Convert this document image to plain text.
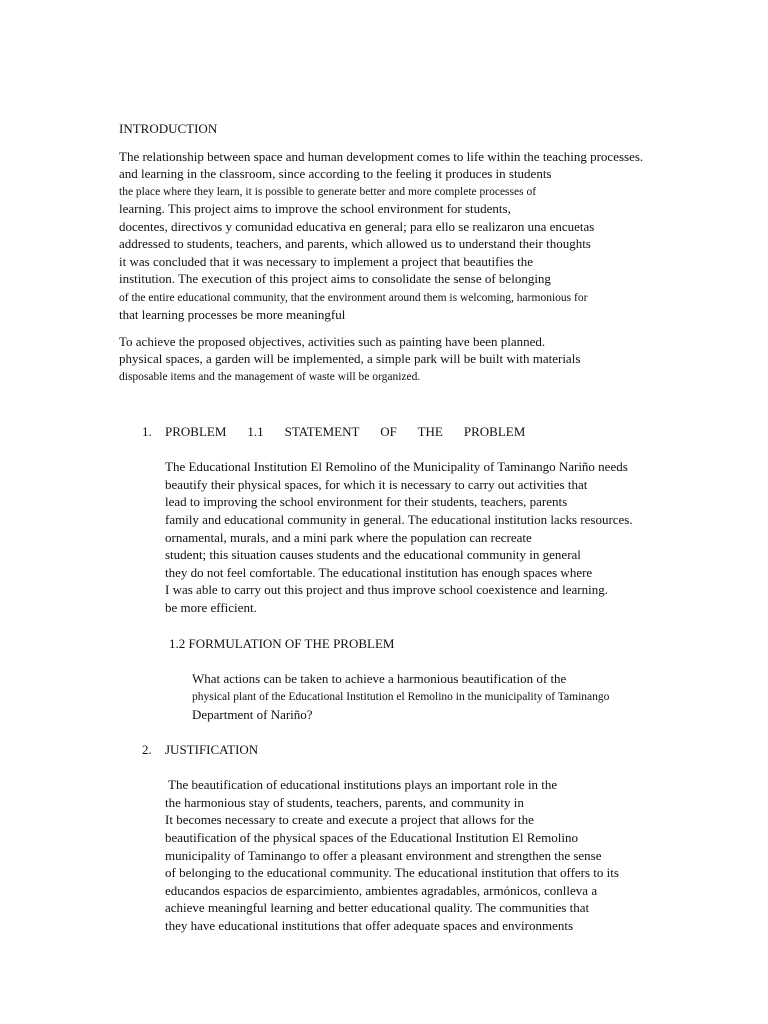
INTRODUCTION
The relationship between space and human development comes to life within the teaching processes.
and learning in the classroom, since according to the feeling it produces in students
the place where they learn, it is possible to generate better and more complete processes of
learning. This project aims to improve the school environment for students,
docentes, directivos y comunidad educativa en general; para ello se realizaron una encuetas
addressed to students, teachers, and parents, which allowed us to understand their thoughts
it was concluded that it was necessary to implement a project that beautifies the
institution. The execution of this project aims to consolidate the sense of belonging
of the entire educational community, that the environment around them is welcoming, harmonious for
that learning processes be more meaningful
To achieve the proposed objectives, activities such as painting have been planned.
physical spaces, a garden will be implemented, a simple park will be built with materials
disposable items and the management of waste will be organized.
1. PROBLEM    1.1    STATEMENT    OF    THE    PROBLEM
The Educational Institution El Remolino of the Municipality of Taminango Nariño needs
beautify their physical spaces, for which it is necessary to carry out activities that
lead to improving the school environment for their students, teachers, parents
family and educational community in general. The educational institution lacks resources.
ornamental, murals, and a mini park where the population can recreate
student; this situation causes students and the educational community in general
they do not feel comfortable. The educational institution has enough spaces where
I was able to carry out this project and thus improve school coexistence and learning.
be more efficient.
1.2 FORMULATION OF THE PROBLEM
What actions can be taken to achieve a harmonious beautification of the
physical plant of the Educational Institution el Remolino in the municipality of Taminango
Department of Nariño?
2. JUSTIFICATION
The beautification of educational institutions plays an important role in the
the harmonious stay of students, teachers, parents, and community in
It becomes necessary to create and execute a project that allows for the
beautification of the physical spaces of the Educational Institution El Remolino
municipality of Taminango to offer a pleasant environment and strengthen the sense
of belonging to the educational community. The educational institution that offers to its
educandos espacios de esparcimiento, ambientes agradables, armónicos, conlleva a
achieve meaningful learning and better educational quality. The communities that
they have educational institutions that offer adequate spaces and environments
